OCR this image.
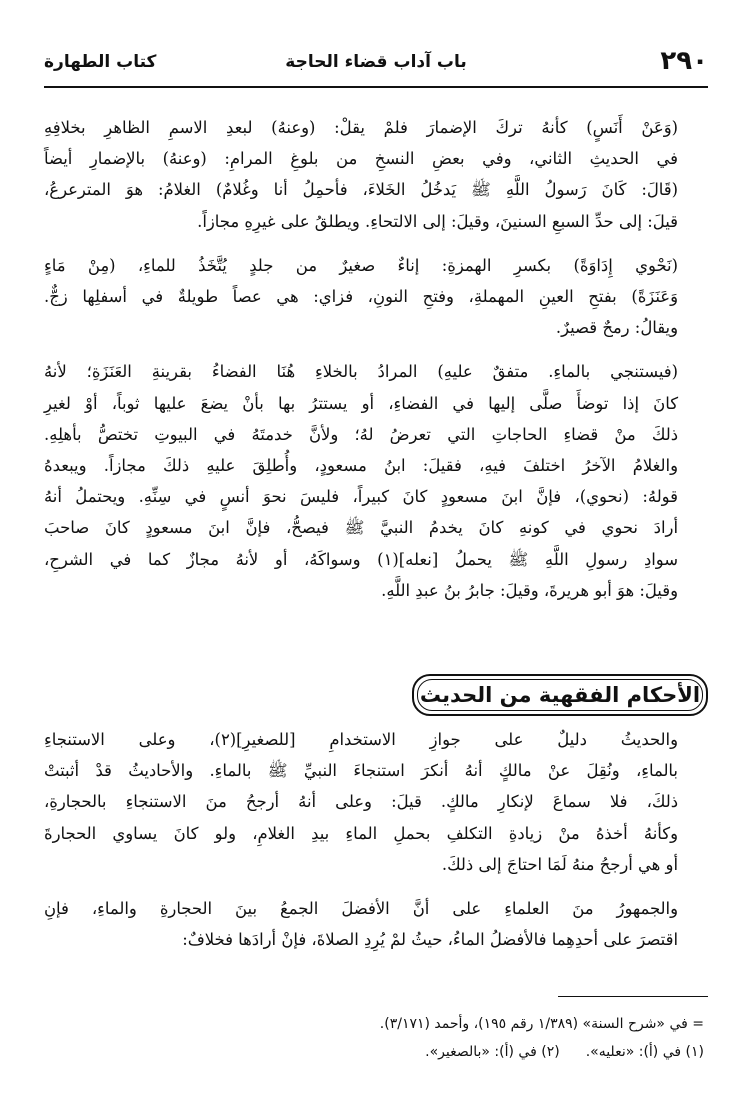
٢٩٠
باب آداب قضاء الحاجة
كتاب الطهارة
(وَعَنْ أَنَسٍ) كأنهُ تركَ الإضمارَ فلمْ يقلْ: (وعنهُ) لبعدِ الاسمِ الظاهرِ بخلافِهِ
في الحديثِ الثاني، وفي بعضِ النسخِ من بلوغِ المرامِ: (وعنهُ) بالإضمارِ أيضاً
(قَالَ: كَانَ رَسولُ اللَّهِ ﷺ يَدخُلُ الخَلاءَ، فأحمِلُ أنا وغُلامٌ) الغلامُ: هوَ المترعرعُ،
قيلَ: إلى حدِّ السبعِ السنينَ، وقيلَ: إلى الالتحاءِ. ويطلقُ على غيرِهِ مجازاً.
(نَحْوي إِدَاوَةً) بكسرِ الهمزةِ: إناءٌ صغيرٌ من جلدٍ يُتَّخَذُ للماءِ، (مِنْ مَاءٍ
وَعَنَزَةً) بفتحِ العينِ المهملةِ، وفتحِ النونِ، فزاي: هي عصاً طويلةٌ في أسفلِها زجٌّ.
ويقالُ: رمحٌ قصيرٌ.
(فيستنجي بالماءِ. متفقٌ عليهِ) المرادُ بالخلاءِ هُنَا الفضاءُ بقرينةِ العَنَزَةِ؛ لأنهُ
كانَ إذا توضأَ صلَّى إليها في الفضاءِ، أو يستترُ بها بأنْ يضعَ عليها ثوباً، أوْ لغيرِ
ذلكَ منْ قضاءِ الحاجاتِ التي تعرضُ لهُ؛ ولأنَّ خدمتَهُ في البيوتِ تختصُّ بأهلِهِ.
والغلامُ الآخرُ اختلفَ فيهِ، فقيلَ: ابنُ مسعودٍ، وأُطلِقَ عليهِ ذلكَ مجازاً. ويبعدهُ
قولهُ: (نحوي)، فإنَّ ابنَ مسعودٍ كانَ كبيراً، فليسَ نحوَ أنسٍ في سِنِّهِ. ويحتملُ أنهُ
أرادَ نحوي في كونهِ كانَ يخدمُ النبيَّ ﷺ فيصحُّ، فإنَّ ابنَ مسعودٍ كانَ صاحبَ
سوادِ رسولِ اللَّهِ ﷺ يحملُ [نعله](١) وسواكَهُ، أو لأنهُ مجازٌ كما في الشرحِ،
وقيلَ: هوَ أبو هريرةَ، وقيلَ: جابرُ بنُ عبدِ اللَّهِ.
الأحكام الفقهية من الحديث
والحديثُ دليلٌ على جوازِ الاستخدامِ [للصغيرِ](٢)، وعلى الاستنجاءِ
بالماءِ، ونُقِلَ عنْ مالكٍ أنهُ أنكرَ استنجاءَ النبيِّ ﷺ بالماءِ. والأحاديثُ قدْ أثبتتْ
ذلكَ، فلا سماعَ لإنكارِ مالكٍ. قيلَ: وعلى أنهُ أرجحُ منَ الاستنجاءِ بالحجارةِ،
وكأنهُ أخذهُ منْ زيادةِ التكلفِ بحملِ الماءِ بيدِ الغلامِ، ولو كانَ يساوي الحجارةَ
أو هي أرجحُ منهُ لَمَا احتاجَ إلى ذلكَ.
والجمهورُ منَ العلماءِ على أنَّ الأفضلَ الجمعُ بينَ الحجارةِ والماءِ، فإنِ
اقتصرَ على أحدِهِما فالأفضلُ الماءُ، حيثُ لمْ يُرِدِ الصلاةَ، فإنْ أرادَها فخلافٌ:
= في «شرح السنة» (١/٣٨٩ رقم ١٩٥)، وأحمد (٣/١٧١).
(١) في (أ): «نعليه».(٢) في (أ): «بالصغير».
